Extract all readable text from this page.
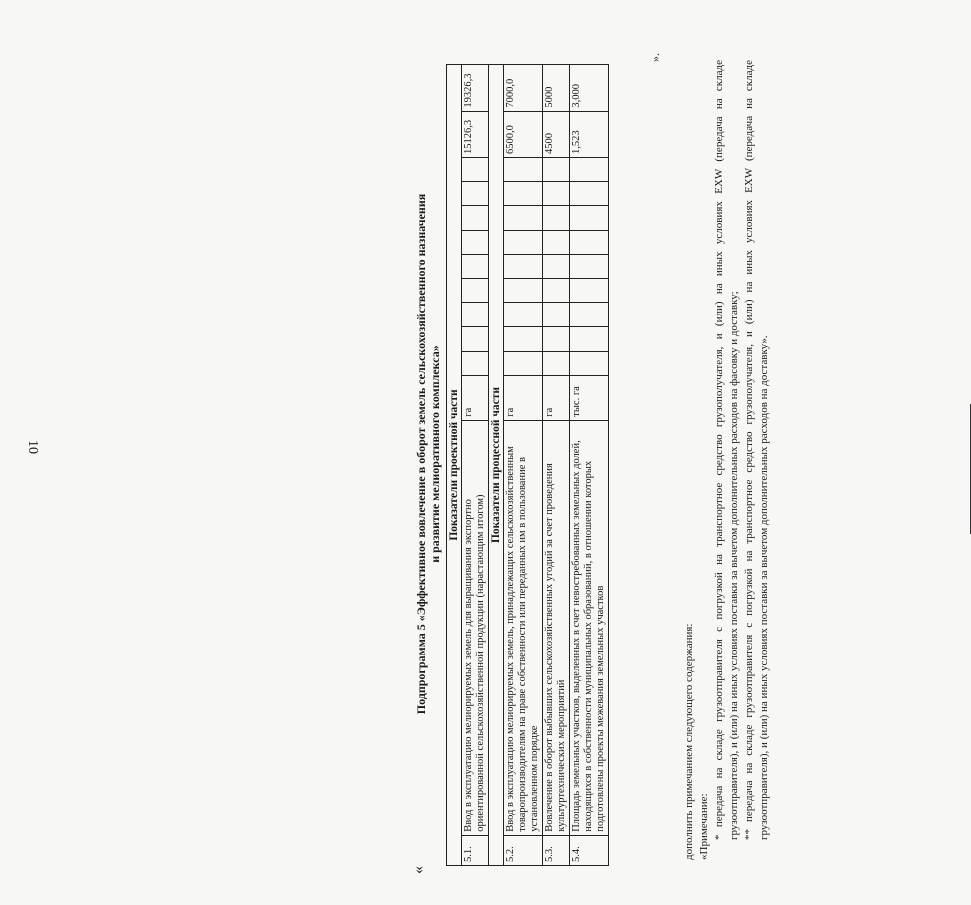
10
«
Подпрограмма 5 «Эффективное вовлечение в оборот земель сельскохозяйственного назначения и развитие мелиоративного комплекса» Показатели проектной части													
5.1.	Ввод в эксплуатацию мелиорируемых земель для выращивания экспортно ориентированной сельскохозяйственной продукции (нарастающим итогом)	га										15126,3	19326,3
Показатели процессной части													
5.2.	Ввод в эксплуатацию мелиорируемых земель, принадлежащих сельскохозяйственным товаропроизводителям на праве собственности или переданных им в пользование в установленном порядке	га										6500,0	7000,0
5.3.	Вовлечение в оборот выбывших сельскохозяйственных угодий за счет проведения культуртехнических мероприятий	га										4500	5000
5.4.	Площадь земельных участков, выделенных в счет невостребованных земельных долей, находящихся в собственности муниципальных образований, в отношении которых подготовлены проекты межевания земельных участков	тыс. га										1,523	3,000
».

дополнить примечанием следующего содержания: «Примечание: * передача на складе грузоотправителя с погрузкой на транспортное средство грузополучателя, и (или) на иных условиях EXW (передача на складе грузоотправителя), и (или) на иных условиях поставки за вычетом дополнительных расходов на фасовку и доставку; ** передача на складе грузоотправителя с погрузкой на транспортное средство грузополучателя, и (или) на иных условиях EXW (передача на складе грузоотправителя), и (или) на иных условиях поставки за вычетом дополнительных расходов на доставку».
